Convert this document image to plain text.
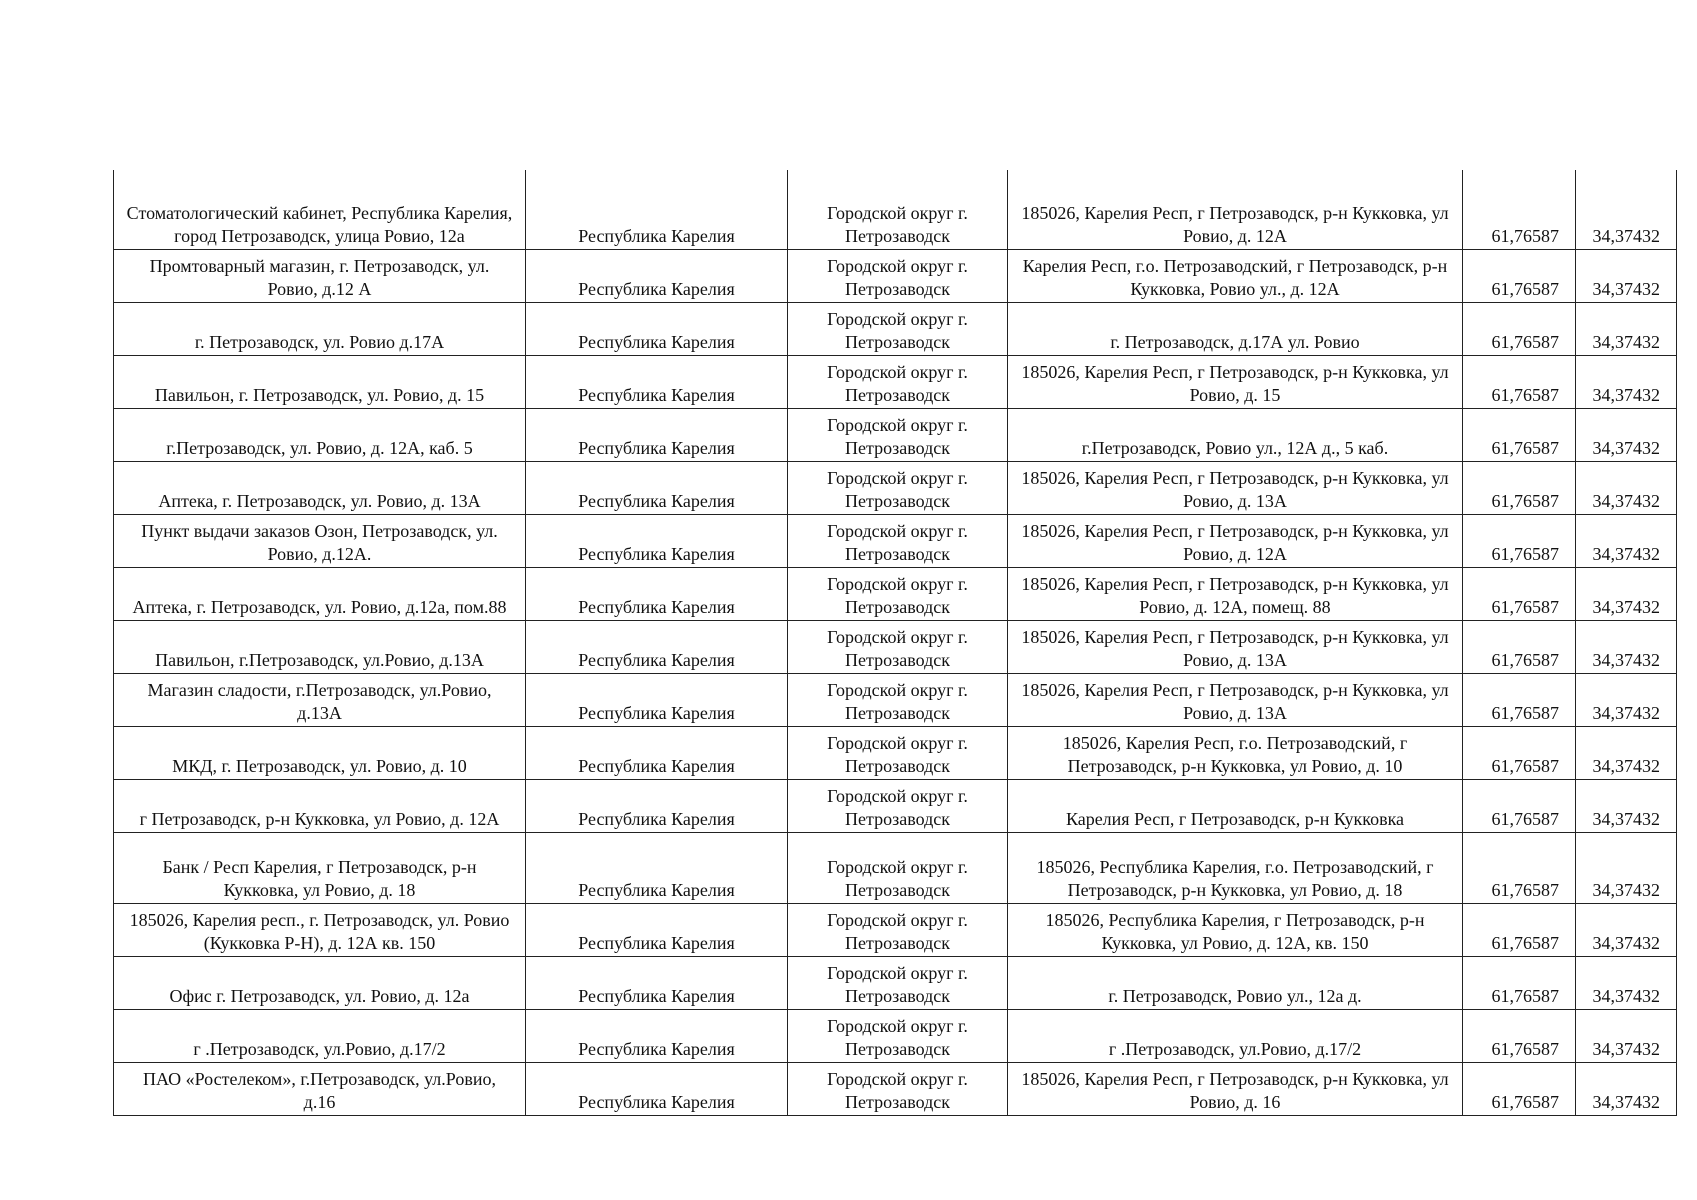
Стоматологический кабинет, Республика Карелия, город Петрозаводск, улица Ровио, 12а	Республика Карелия	Городской округ г. Петрозаводск	185026, Карелия Респ, г Петрозаводск, р-н Кукковка, ул Ровио, д. 12А	61,76587	34,37432
Промтоварный магазин, г. Петрозаводск, ул. Ровио, д.12 А	Республика Карелия	Городской округ г. Петрозаводск	Карелия Респ, г.о. Петрозаводский, г Петрозаводск, р-н Кукковка, Ровио ул., д. 12А	61,76587	34,37432
г. Петрозаводск, ул. Ровио д.17А	Республика Карелия	Городской округ г. Петрозаводск	г. Петрозаводск, д.17А ул. Ровио	61,76587	34,37432
Павильон, г. Петрозаводск, ул. Ровио, д. 15	Республика Карелия	Городской округ г. Петрозаводск	185026, Карелия Респ, г Петрозаводск, р-н Кукковка, ул Ровио, д. 15	61,76587	34,37432
г.Петрозаводск, ул. Ровио, д. 12А, каб. 5	Республика Карелия	Городской округ г. Петрозаводск	г.Петрозаводск, Ровио ул., 12А д., 5 каб.	61,76587	34,37432
Аптека, г. Петрозаводск, ул. Ровио, д. 13А	Республика Карелия	Городской округ г. Петрозаводск	185026, Карелия Респ, г Петрозаводск, р-н Кукковка, ул Ровио, д. 13А	61,76587	34,37432
Пункт выдачи заказов Озон, Петрозаводск, ул. Ровио, д.12А.	Республика Карелия	Городской округ г. Петрозаводск	185026, Карелия Респ, г Петрозаводск, р-н Кукковка, ул Ровио, д. 12А	61,76587	34,37432
Аптека, г. Петрозаводск, ул. Ровио, д.12а, пом.88	Республика Карелия	Городской округ г. Петрозаводск	185026, Карелия Респ, г Петрозаводск, р-н Кукковка, ул Ровио, д. 12А, помещ. 88	61,76587	34,37432
Павильон, г.Петрозаводск, ул.Ровио, д.13А	Республика Карелия	Городской округ г. Петрозаводск	185026, Карелия Респ, г Петрозаводск, р-н Кукковка, ул Ровио, д. 13А	61,76587	34,37432
Магазин сладости, г.Петрозаводск, ул.Ровио, д.13А	Республика Карелия	Городской округ г. Петрозаводск	185026, Карелия Респ, г Петрозаводск, р-н Кукковка, ул Ровио, д. 13А	61,76587	34,37432
МКД, г. Петрозаводск, ул. Ровио, д. 10	Республика Карелия	Городской округ г. Петрозаводск	185026, Карелия Респ, г.о. Петрозаводский, г Петрозаводск, р-н Кукковка, ул Ровио, д. 10	61,76587	34,37432
г Петрозаводск, р-н Кукковка, ул Ровио, д. 12А	Республика Карелия	Городской округ г. Петрозаводск	Карелия Респ, г Петрозаводск, р-н Кукковка	61,76587	34,37432
Банк / Респ Карелия, г Петрозаводск, р-н Кукковка, ул Ровио, д. 18	Республика Карелия	Городской округ г. Петрозаводск	185026, Республика Карелия, г.о. Петрозаводский, г Петрозаводск, р-н Кукковка, ул Ровио, д. 18	61,76587	34,37432
185026, Карелия респ., г. Петрозаводск, ул. Ровио (Кукковка Р-Н), д. 12А кв. 150	Республика Карелия	Городской округ г. Петрозаводск	185026, Республика Карелия, г Петрозаводск, р-н Кукковка, ул Ровио, д. 12А, кв. 150	61,76587	34,37432
Офис г. Петрозаводск, ул. Ровио, д. 12а	Республика Карелия	Городской округ г. Петрозаводск	г. Петрозаводск, Ровио ул., 12а д.	61,76587	34,37432
г .Петрозаводск, ул.Ровио, д.17/2	Республика Карелия	Городской округ г. Петрозаводск	г .Петрозаводск, ул.Ровио, д.17/2	61,76587	34,37432
ПАО «Ростелеком», г.Петрозаводск, ул.Ровио, д.16	Республика Карелия	Городской округ г. Петрозаводск	185026, Карелия Респ, г Петрозаводск, р-н Кукковка, ул Ровио, д. 16	61,76587	34,37432
